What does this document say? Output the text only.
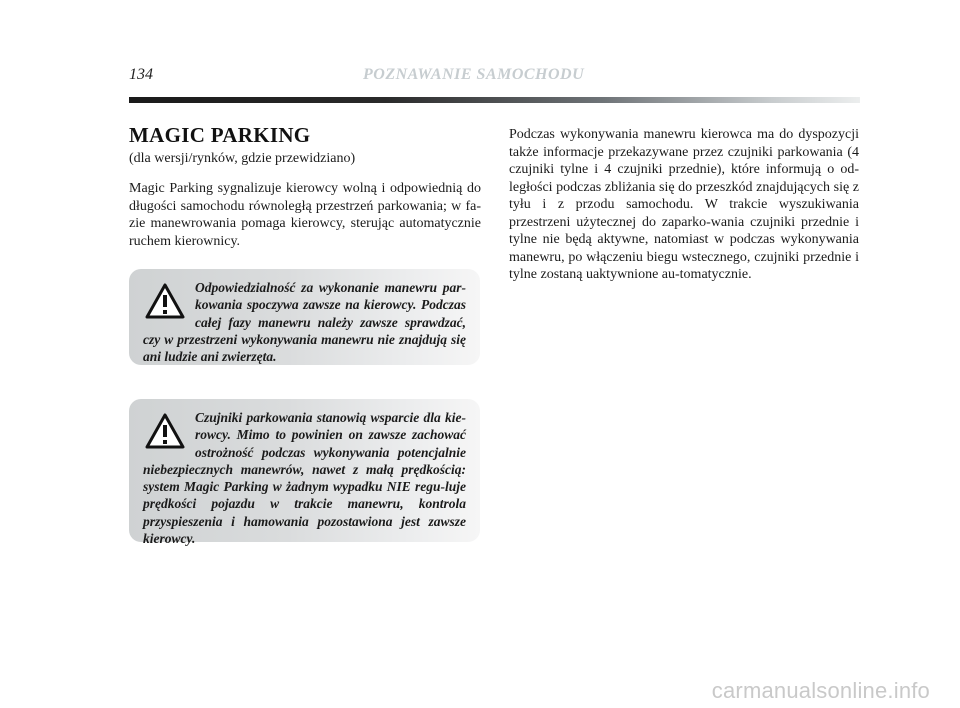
134	POZNAWANIE SAMOCHODU
MAGIC PARKING

(dla wersji/rynków, gdzie przewidziano)

Magic Parking sygnalizuje kierowcy wolną i odpowiednią do długości samochodu równoległą przestrzeń parkowania; w fa-zie manewrowania pomaga kierowcy, sterując automatycznie ruchem kierownicy.

Odpowiedzialność za wykonanie manewru par-kowania spoczywa zawsze na kierowcy. Podczas całej fazy manewru należy zawsze sprawdzać, czy w przestrzeni wykonywania manewru nie znajdują się ani ludzie ani zwierzęta.

Czujniki parkowania stanowią wsparcie dla kie-rowcy. Mimo to powinien on zawsze zachować ostrożność podczas wykonywania potencjalnie niebezpiecznych manewrów, nawet z małą prędkością: system Magic Parking w żadnym wypadku NIE regu-luje prędkości pojazdu w trakcie manewru, kontrola przyspieszenia i hamowania pozostawiona jest zawsze kierowcy.

Podczas wykonywania manewru kierowca ma do dyspozycji także informacje przekazywane przez czujniki parkowania (4 czujniki tylne i 4 czujniki przednie), które informują o od-ległości podczas zbliżania się do przeszkód znajdujących się z tyłu i z przodu samochodu. W trakcie wyszukiwania przestrzeni użytecznej do zaparko-wania czujniki przednie i tylne nie będą aktywne, natomiast w podczas wykonywania manewru, po włączeniu biegu wstecznego, czujniki przednie i tylne zostaną uaktywnione au-tomatycznie.

carmanualsonline.info
